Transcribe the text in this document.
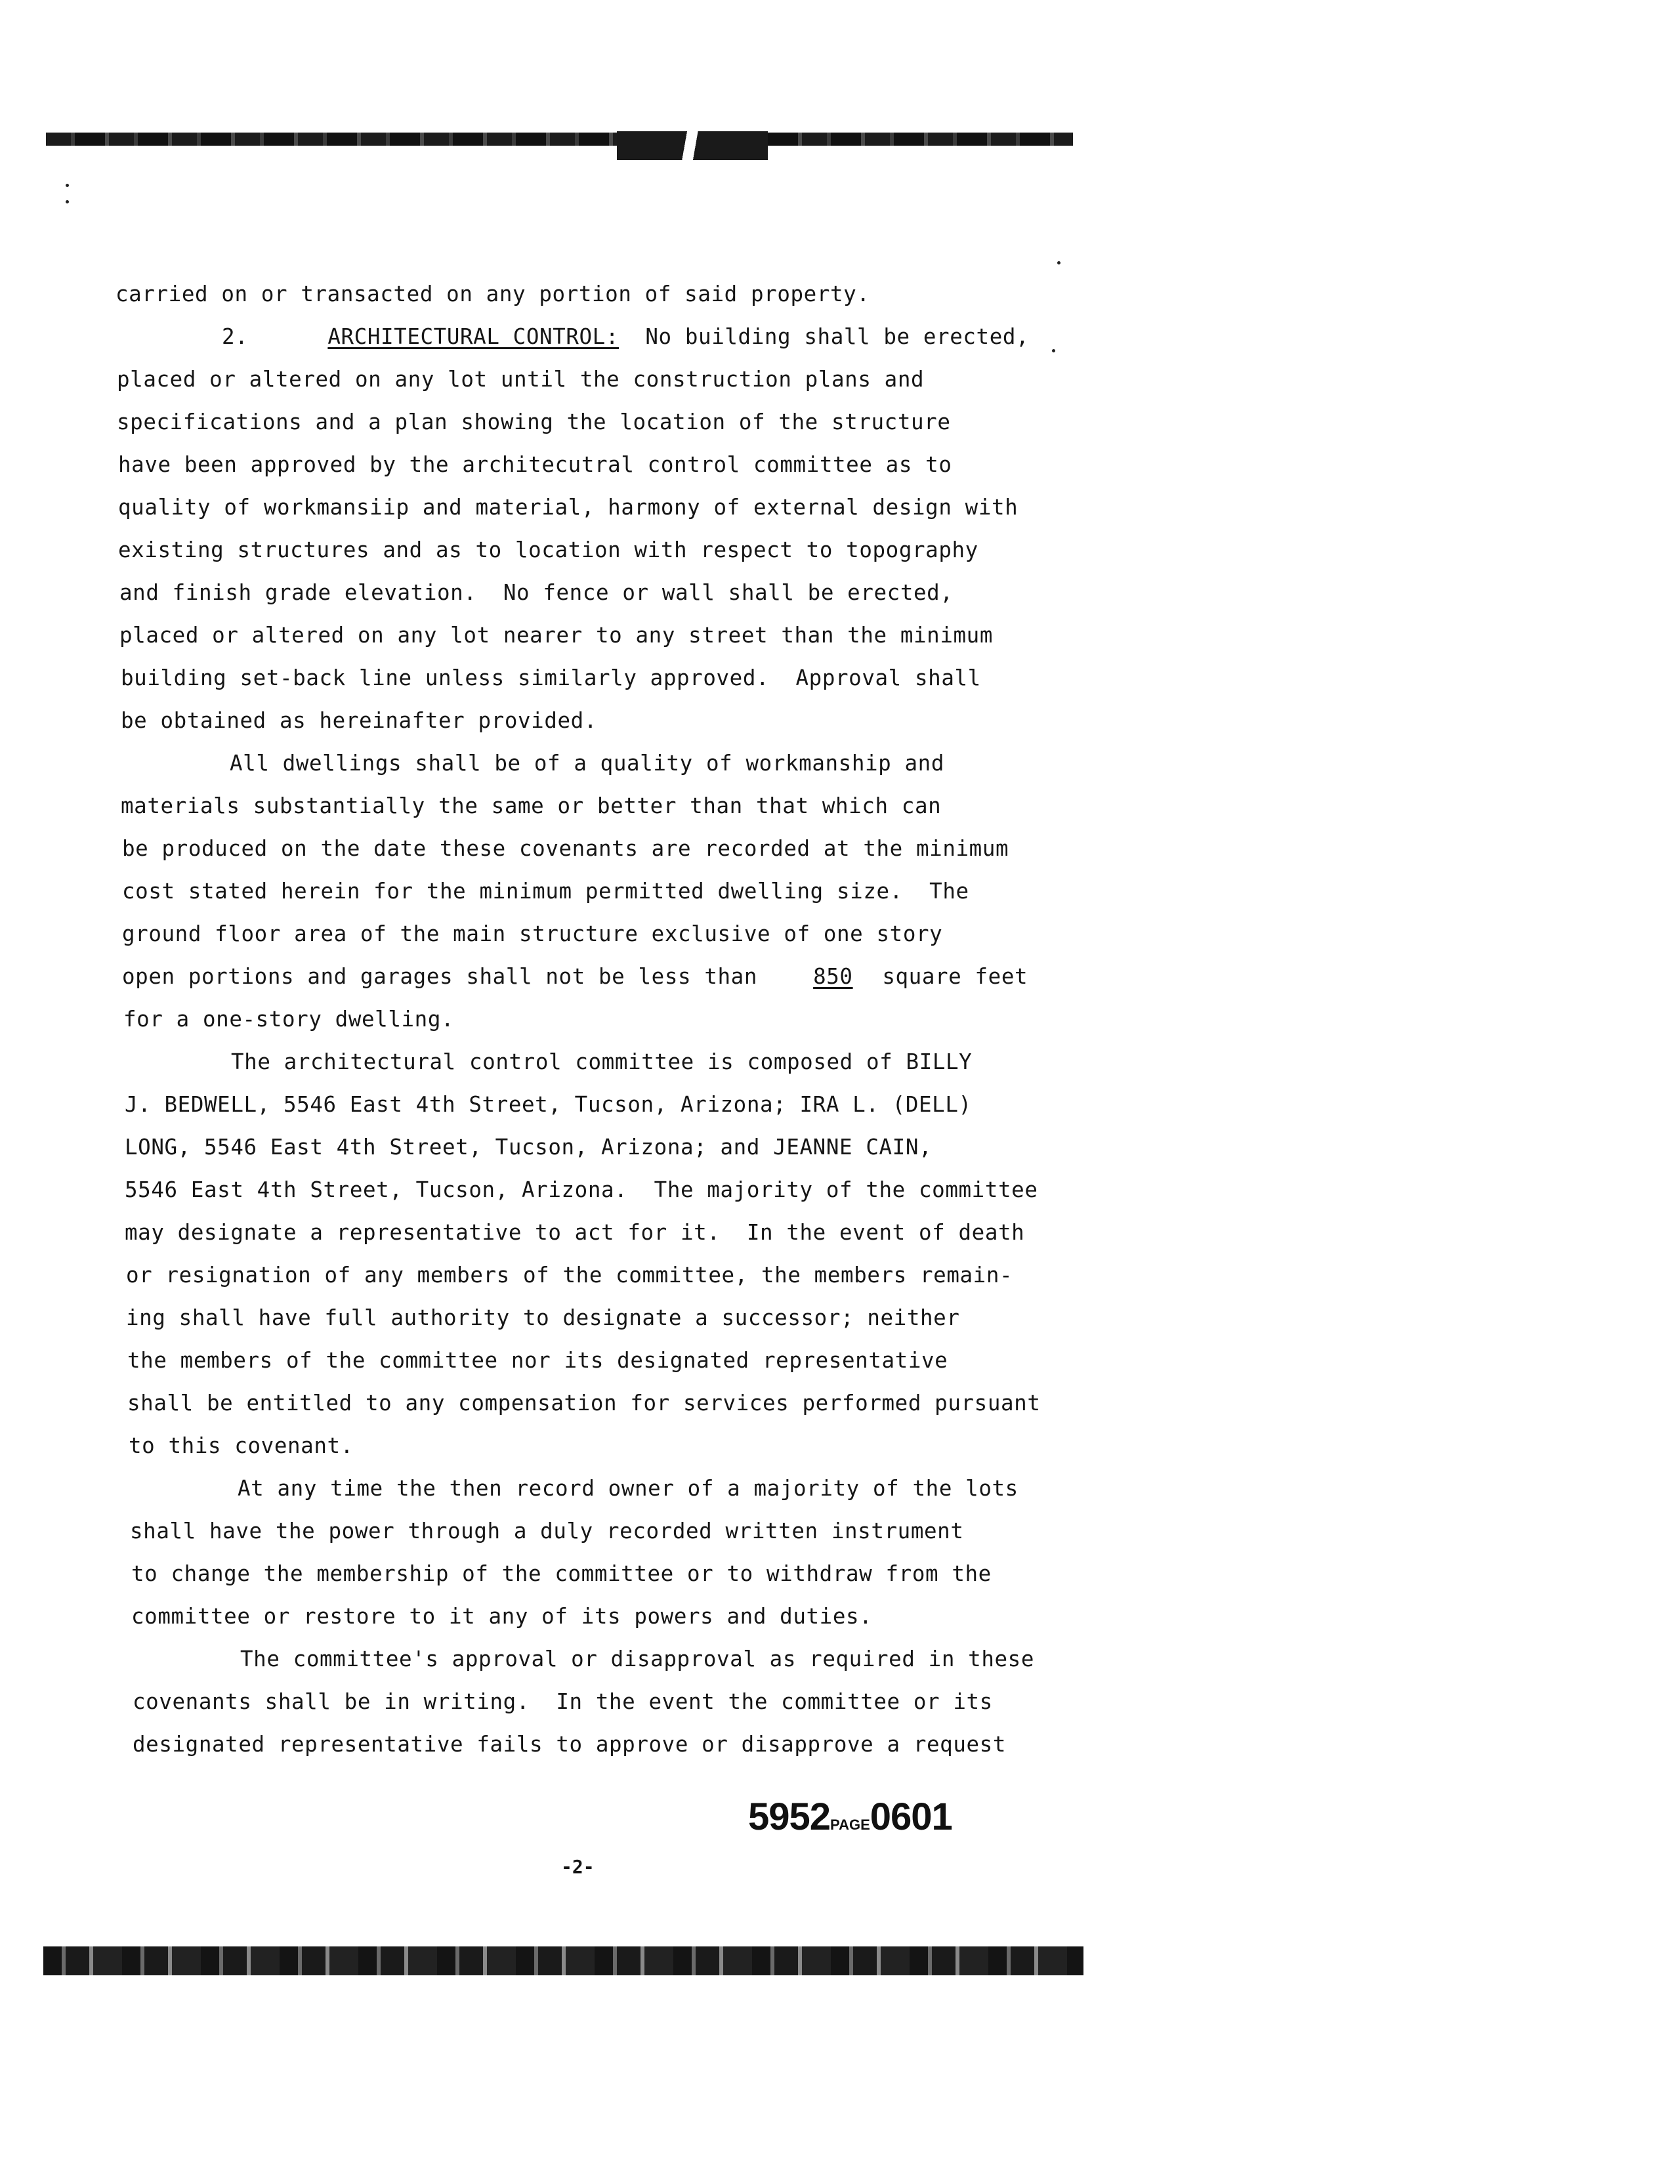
carried on or transacted on any portion of said property.
2.	ARCHITECTURAL CONTROL: No building shall be erected,
placed or altered on any lot until the construction plans and
specifications and a plan showing the location of the structure
have been approved by the architecutral control committee as to
quality of workmansiip and material, harmony of external design with
existing structures and as to location with respect to topography
and finish grade elevation.  No fence or wall shall be erected,
placed or altered on any lot nearer to any street than the minimum
building set-back line unless similarly approved.  Approval shall
be obtained as hereinafter provided.
All dwellings shall be of a quality of workmanship and
materials substantially the same or better than that which can
be produced on the date these covenants are recorded at the minimum
cost stated herein for the minimum permitted dwelling size.  The
ground floor area of the main structure exclusive of one story
open portions and garages shall not be less than	850 square feet
for a one-story dwelling.
The architectural control committee is composed of BILLY
J. BEDWELL, 5546 East 4th Street, Tucson, Arizona; IRA L. (DELL)
LONG, 5546 East 4th Street, Tucson, Arizona; and JEANNE CAIN,
5546 East 4th Street, Tucson, Arizona.  The majority of the committee
may designate a representative to act for it.  In the event of death
or resignation of any members of the committee, the members remain-
ing shall have full authority to designate a successor; neither
the members of the committee nor its designated representative
shall be entitled to any compensation for services performed pursuant
to this covenant.
At any time the then record owner of a majority of the lots
shall have the power through a duly recorded written instrument
to change the membership of the committee or to withdraw from the
committee or restore to it any of its powers and duties.
The committee's approval or disapproval as required in these
covenants shall be in writing.  In the event the committee or its
designated representative fails to approve or disapprove a request
5952PAGE0601
-2-
